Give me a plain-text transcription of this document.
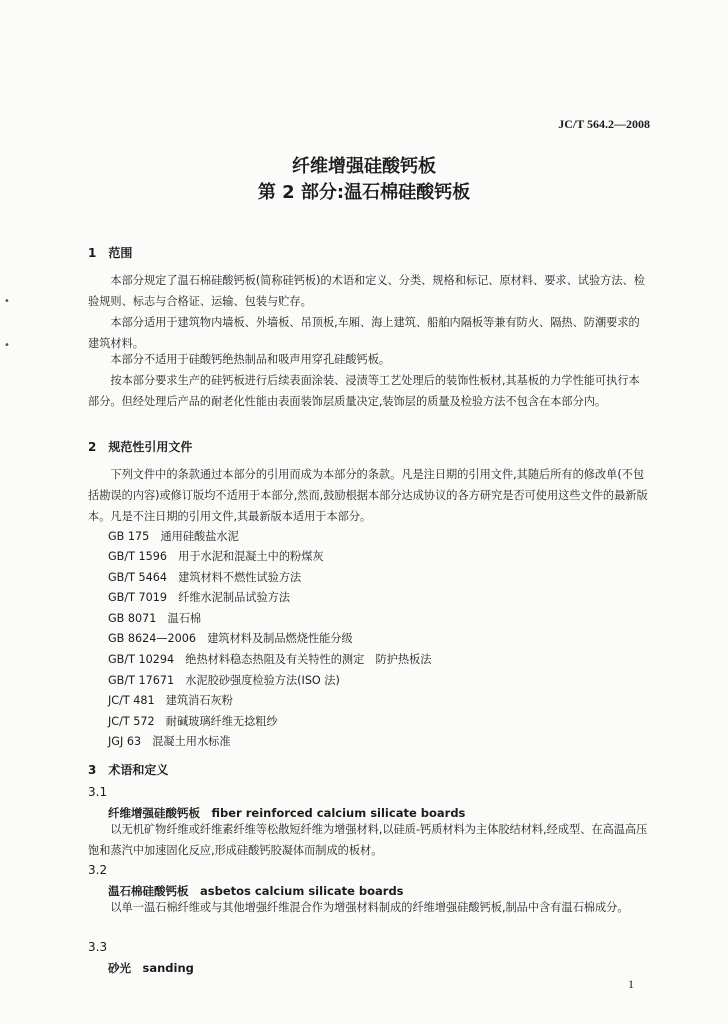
JC/T 564.2—2008
纤维增强硅酸钙板
第 2 部分:温石棉硅酸钙板
•
•
1　范围
　　本部分规定了温石棉硅酸钙板(简称硅钙板)的术语和定义、分类、规格和标记、原材料、要求、试验方法、检验规则、标志与合格证、运输、包装与贮存。
　　本部分适用于建筑物内墙板、外墙板、吊顶板,车厢、海上建筑、船舶内隔板等兼有防火、隔热、防潮要求的建筑材料。
　　本部分不适用于硅酸钙绝热制品和吸声用穿孔硅酸钙板。
　　按本部分要求生产的硅钙板进行后续表面涂装、浸渍等工艺处理后的装饰性板材,其基板的力学性能可执行本部分。但经处理后产品的耐老化性能由表面装饰层质量决定,装饰层的质量及检验方法不包含在本部分内。
2　规范性引用文件
　　下列文件中的条款通过本部分的引用而成为本部分的条款。凡是注日期的引用文件,其随后所有的修改单(不包括勘误的内容)或修订版均不适用于本部分,然而,鼓励根据本部分达成协议的各方研究是否可使用这些文件的最新版本。凡是不注日期的引用文件,其最新版本适用于本部分。
GB 175　通用硅酸盐水泥
GB/T 1596　用于水泥和混凝土中的粉煤灰
GB/T 5464　建筑材料不燃性试验方法
GB/T 7019　纤维水泥制品试验方法
GB 8071　温石棉
GB 8624—2006　建筑材料及制品燃烧性能分级
GB/T 10294　绝热材料稳态热阻及有关特性的测定　防护热板法
GB/T 17671　水泥胶砂强度检验方法(ISO 法)
JC/T 481　建筑消石灰粉
JC/T 572　耐碱玻璃纤维无捻粗纱
JGJ 63　混凝土用水标准
3　术语和定义
3.1
纤维增强硅酸钙板　fiber reinforced calcium silicate boards
　　以无机矿物纤维或纤维素纤维等松散短纤维为增强材料,以硅质-钙质材料为主体胶结材料,经成型、在高温高压饱和蒸汽中加速固化反应,形成硅酸钙胶凝体而制成的板材。
3.2
温石棉硅酸钙板　asbetos calcium silicate boards
　　以单一温石棉纤维或与其他增强纤维混合作为增强材料制成的纤维增强硅酸钙板,制品中含有温石棉成分。
3.3
砂光　sanding
1
